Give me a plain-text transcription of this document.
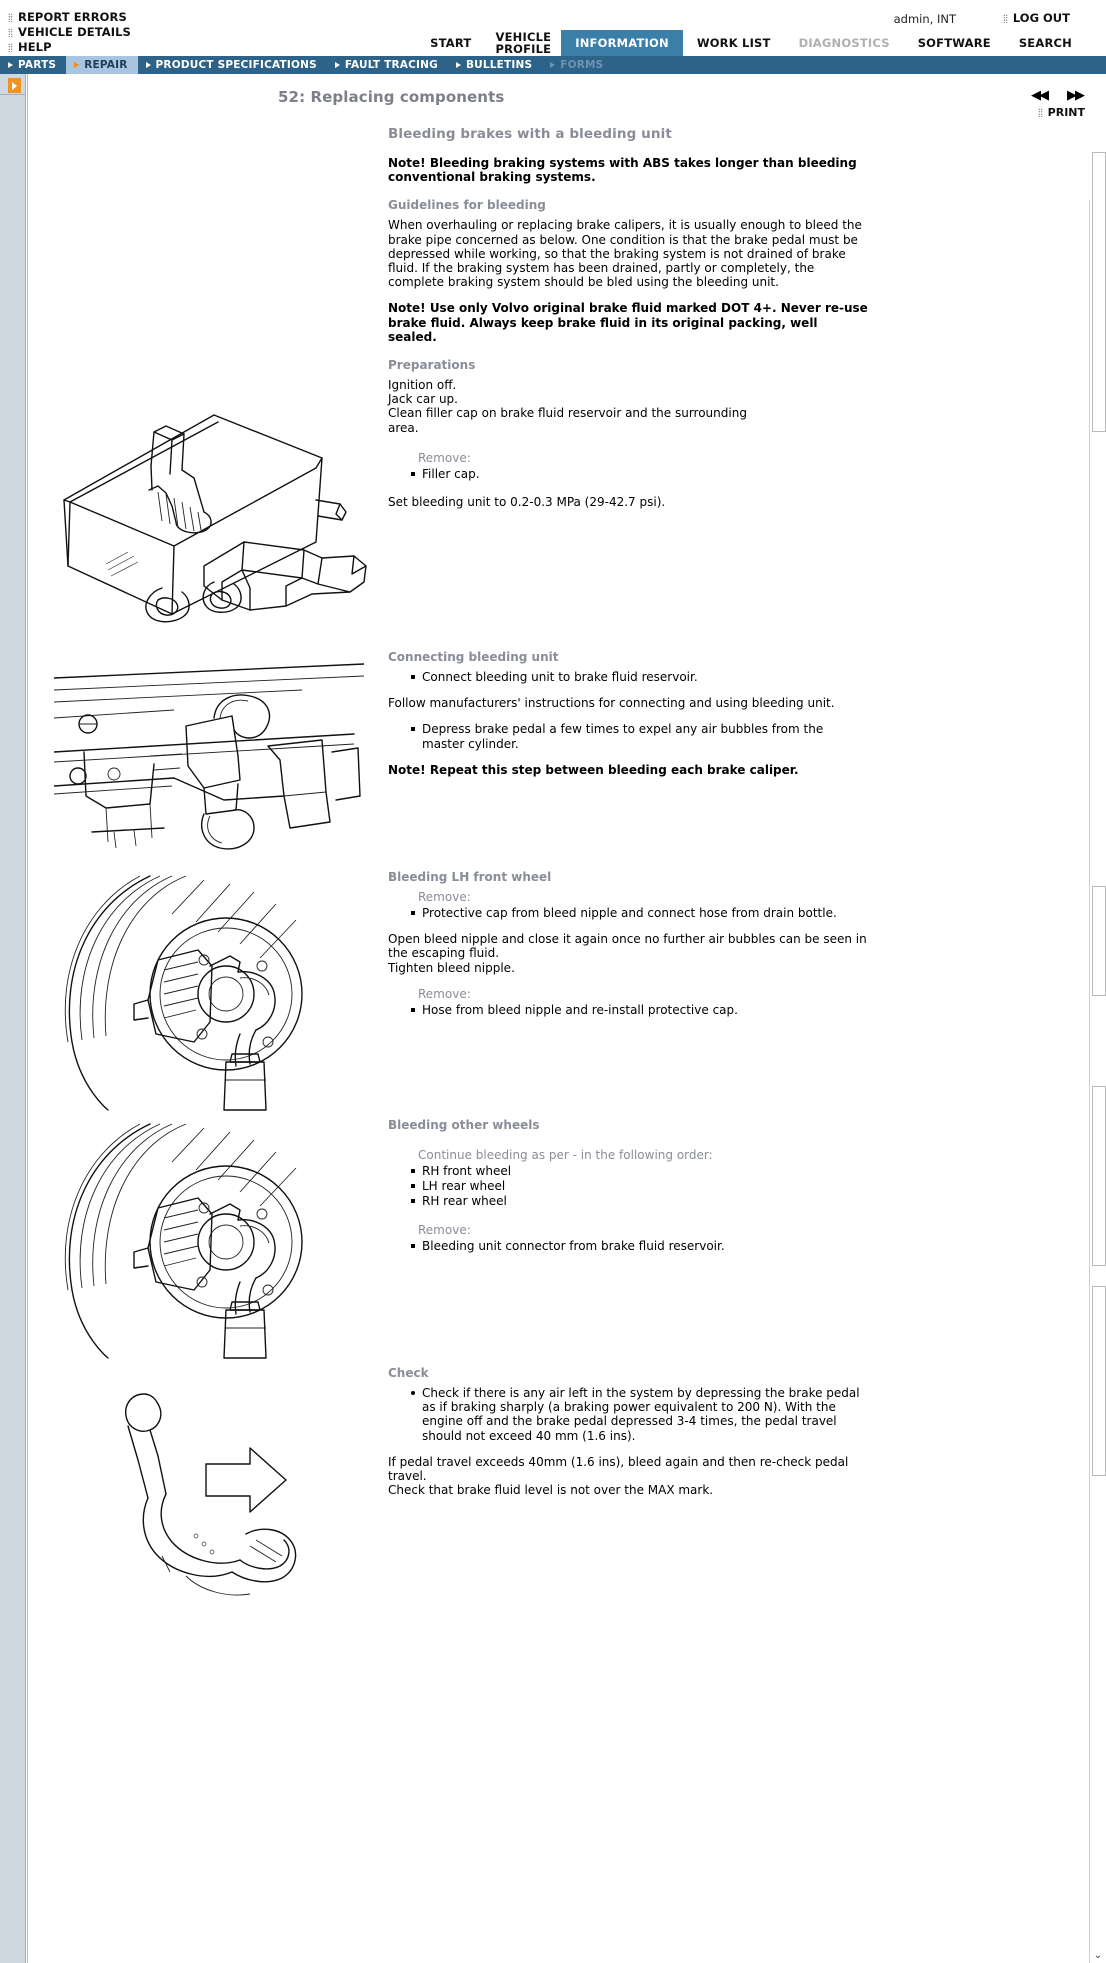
REPORT ERRORS
VEHICLE DETAILS
HELP
admin, INT	LOG OUT
START VEHICLE
PROFILE INFORMATION WORK LIST DIAGNOSTICS SOFTWARE SEARCH
PARTS	REPAIR	PRODUCT SPECIFICATIONS	FAULT TRACING	BULLETINS	FORMS
52: Replacing components	◀◀ ▶▶
PRINT
⌄
Bleeding brakes with a bleeding unit

Note! Bleeding braking systems with ABS takes longer than bleeding conventional braking systems.

Guidelines for bleeding

When overhauling or replacing brake calipers, it is usually enough to bleed the brake pipe concerned as below. One condition is that the brake pedal must be depressed while working, so that the braking system is not drained of brake fluid. If the braking system has been drained, partly or completely, the complete braking system should be bled using the bleeding unit.

Note! Use only Volvo original brake fluid marked DOT 4+. Never re-use brake fluid. Always keep brake fluid in its original packing, well sealed.

Preparations

Ignition off.
Jack car up.
Clean filler cap on brake fluid reservoir and the surrounding
area.

Remove:
Filler cap.

Set bleeding unit to 0.2-0.3 MPa (29-42.7 psi).

Connecting bleeding unit
Connect bleeding unit to brake fluid reservoir.

Follow manufacturers' instructions for connecting and using bleeding unit.

Depress brake pedal a few times to expel any air bubbles from the master cylinder.

Note! Repeat this step between bleeding each brake caliper.

Bleeding LH front wheel
Remove:
Protective cap from bleed nipple and connect hose from drain bottle.

Open bleed nipple and close it again once no further air bubbles can be seen in the escaping fluid.

Tighten bleed nipple.

Remove:
Hose from bleed nipple and re-install protective cap.
Bleeding other wheels
Continue bleeding as per - in the following order:
RH front wheel
LH rear wheel
RH rear wheel
Remove:
Bleeding unit connector from brake fluid reservoir.
Check
Check if there is any air left in the system by depressing the brake pedal as if braking sharply (a braking power equivalent to 200 N). With the engine off and the brake pedal depressed 3-4 times, the pedal travel should not exceed 40 mm (1.6 ins).

If pedal travel exceeds 40mm (1.6 ins), bleed again and then re-check pedal travel.

Check that brake fluid level is not over the MAX mark.
